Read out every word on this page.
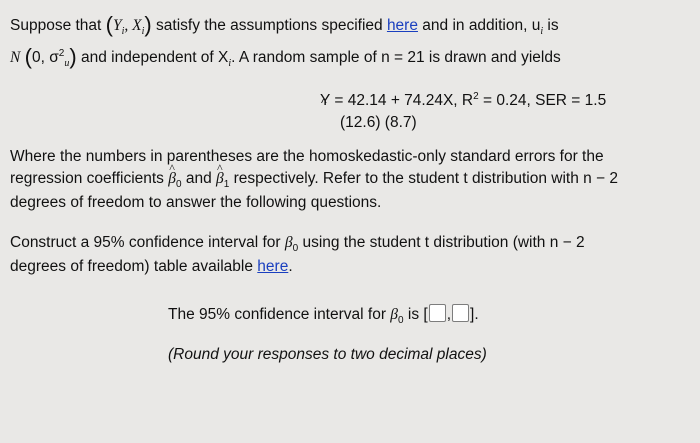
Suppose that ($Y_i$, $X_i$) satisfy the assumptions specified here and in addition, $u_i$ is
N (0, $\sigma^2_u$) and independent of $X_i$. A random sample of n = 21 is drawn and yields
Y = 42.14 + 74.24X, $R^2 = 0.24$, SER = 1.5
(12.6) (8.7)
Where the numbers in parentheses are the homoskedastic-only standard errors for the
regression coefficients ^ $\beta_0$ and ^ $\beta_1$ respectively. Refer to the student t distribution with n − 2
degrees of freedom to answer the following questions.
Construct a 95% confidence interval for $\beta_0$ using the student t distribution (with n − 2
degrees of freedom) table available here.
The 95% confidence interval for $\beta_0$ is [ , ].
(Round your responses to two decimal places)
